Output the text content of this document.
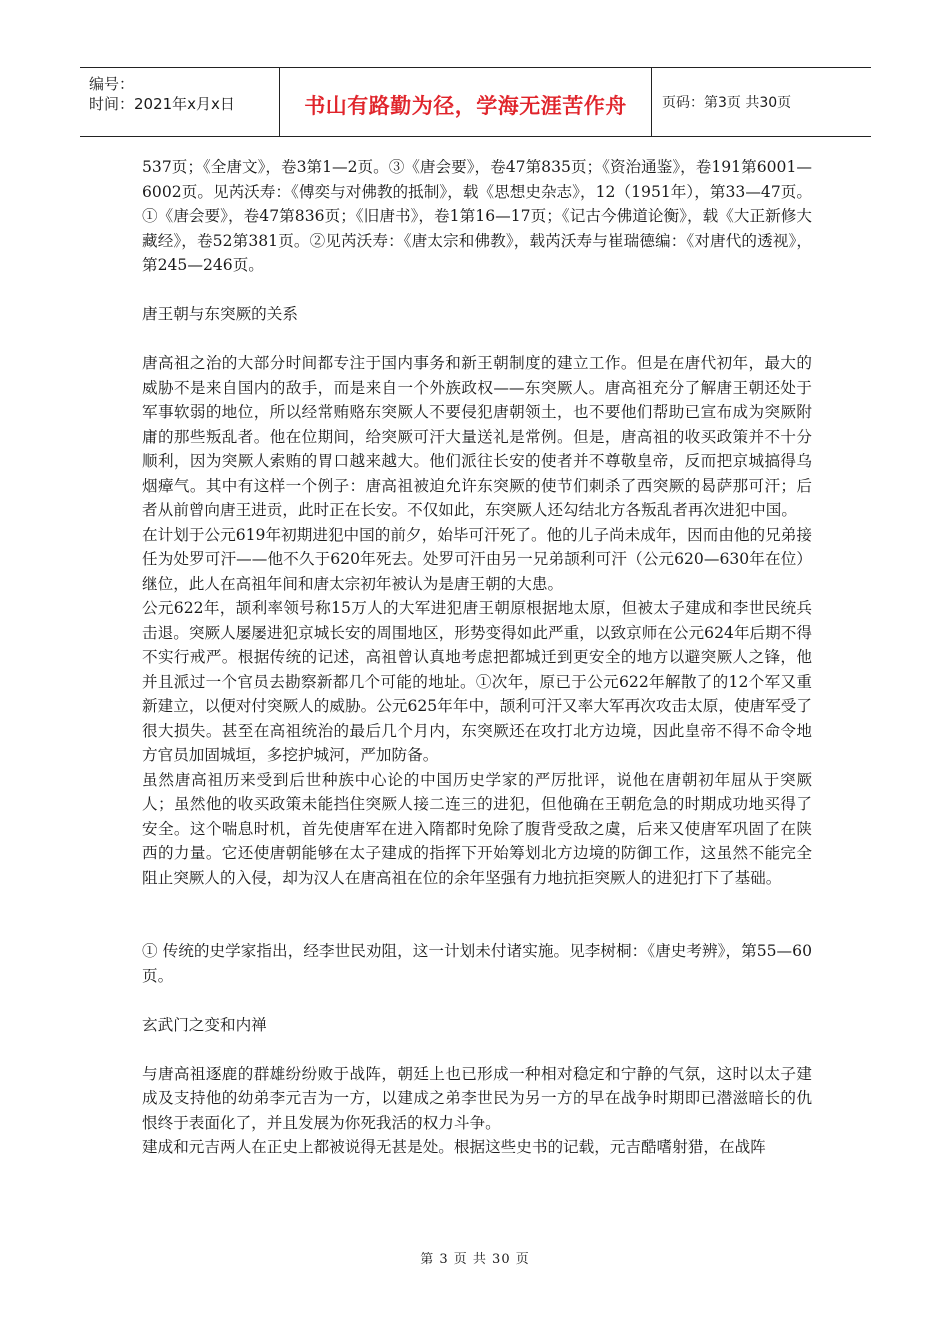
编号：
时间：2021年x月x日	书山有路勤为径，学海无涯苦作舟	页码：第3页 共30页

537页；《全唐文》，卷3第1—2页。③《唐会要》，卷47第835页；《资治通鉴》，卷191第6001—6002页。见芮沃寿：《傅奕与对佛教的抵制》，载《思想史杂志》，12（1951年），第33—47页。①《唐会要》，卷47第836页；《旧唐书》，卷1第16—17页；《记古今佛道论衡》，载《大正新修大藏经》，卷52第381页。②见芮沃寿：《唐太宗和佛教》，载芮沃寿与崔瑞德编：《对唐代的透视》，第245—246页。

唐王朝与东突厥的关系

唐高祖之治的大部分时间都专注于国内事务和新王朝制度的建立工作。但是在唐代初年，最大的威胁不是来自国内的敌手，而是来自一个外族政权——东突厥人。唐高祖充分了解唐王朝还处于军事软弱的地位，所以经常贿赂东突厥人不要侵犯唐朝领土，也不要他们帮助已宣布成为突厥附庸的那些叛乱者。他在位期间，给突厥可汗大量送礼是常例。但是，唐高祖的收买政策并不十分顺利，因为突厥人索贿的胃口越来越大。他们派往长安的使者并不尊敬皇帝，反而把京城搞得乌烟瘴气。其中有这样一个例子：唐高祖被迫允许东突厥的使节们刺杀了西突厥的曷萨那可汗；后者从前曾向唐王进贡，此时正在长安。不仅如此，东突厥人还勾结北方各叛乱者再次进犯中国。

在计划于公元619年初期进犯中国的前夕，始毕可汗死了。他的儿子尚未成年，因而由他的兄弟接任为处罗可汗——他不久于620年死去。处罗可汗由另一兄弟颉利可汗（公元620—630年在位）继位，此人在高祖年间和唐太宗初年被认为是唐王朝的大患。

公元622年，颉利率领号称15万人的大军进犯唐王朝原根据地太原，但被太子建成和李世民统兵击退。突厥人屡屡进犯京城长安的周围地区，形势变得如此严重，以致京师在公元624年后期不得不实行戒严。根据传统的记述，高祖曾认真地考虑把都城迁到更安全的地方以避突厥人之锋，他并且派过一个官员去勘察新都几个可能的地址。①次年，原已于公元622年解散了的12个军又重新建立，以便对付突厥人的威胁。公元625年年中，颉利可汗又率大军再次攻击太原，使唐军受了很大损失。甚至在高祖统治的最后几个月内，东突厥还在攻打北方边境，因此皇帝不得不命令地方官员加固城垣，多挖护城河，严加防备。

虽然唐高祖历来受到后世种族中心论的中国历史学家的严厉批评，说他在唐朝初年屈从于突厥人；虽然他的收买政策未能挡住突厥人接二连三的进犯，但他确在王朝危急的时期成功地买得了安全。这个喘息时机，首先使唐军在进入隋都时免除了腹背受敌之虞，后来又使唐军巩固了在陕西的力量。它还使唐朝能够在太子建成的指挥下开始筹划北方边境的防御工作，这虽然不能完全阻止突厥人的入侵，却为汉人在唐高祖在位的余年坚强有力地抗拒突厥人的进犯打下了基础。

① 传统的史学家指出，经李世民劝阻，这一计划未付诸实施。见李树桐：《唐史考辨》，第55—60页。

玄武门之变和内禅

与唐高祖逐鹿的群雄纷纷败于战阵，朝廷上也已形成一种相对稳定和宁静的气氛，这时以太子建成及支持他的幼弟李元吉为一方，以建成之弟李世民为另一方的早在战争时期即已潜滋暗长的仇恨终于表面化了，并且发展为你死我活的权力斗争。

建成和元吉两人在正史上都被说得无甚是处。根据这些史书的记载，元吉酷嗜射猎，在战阵

第 3 页 共 30 页
